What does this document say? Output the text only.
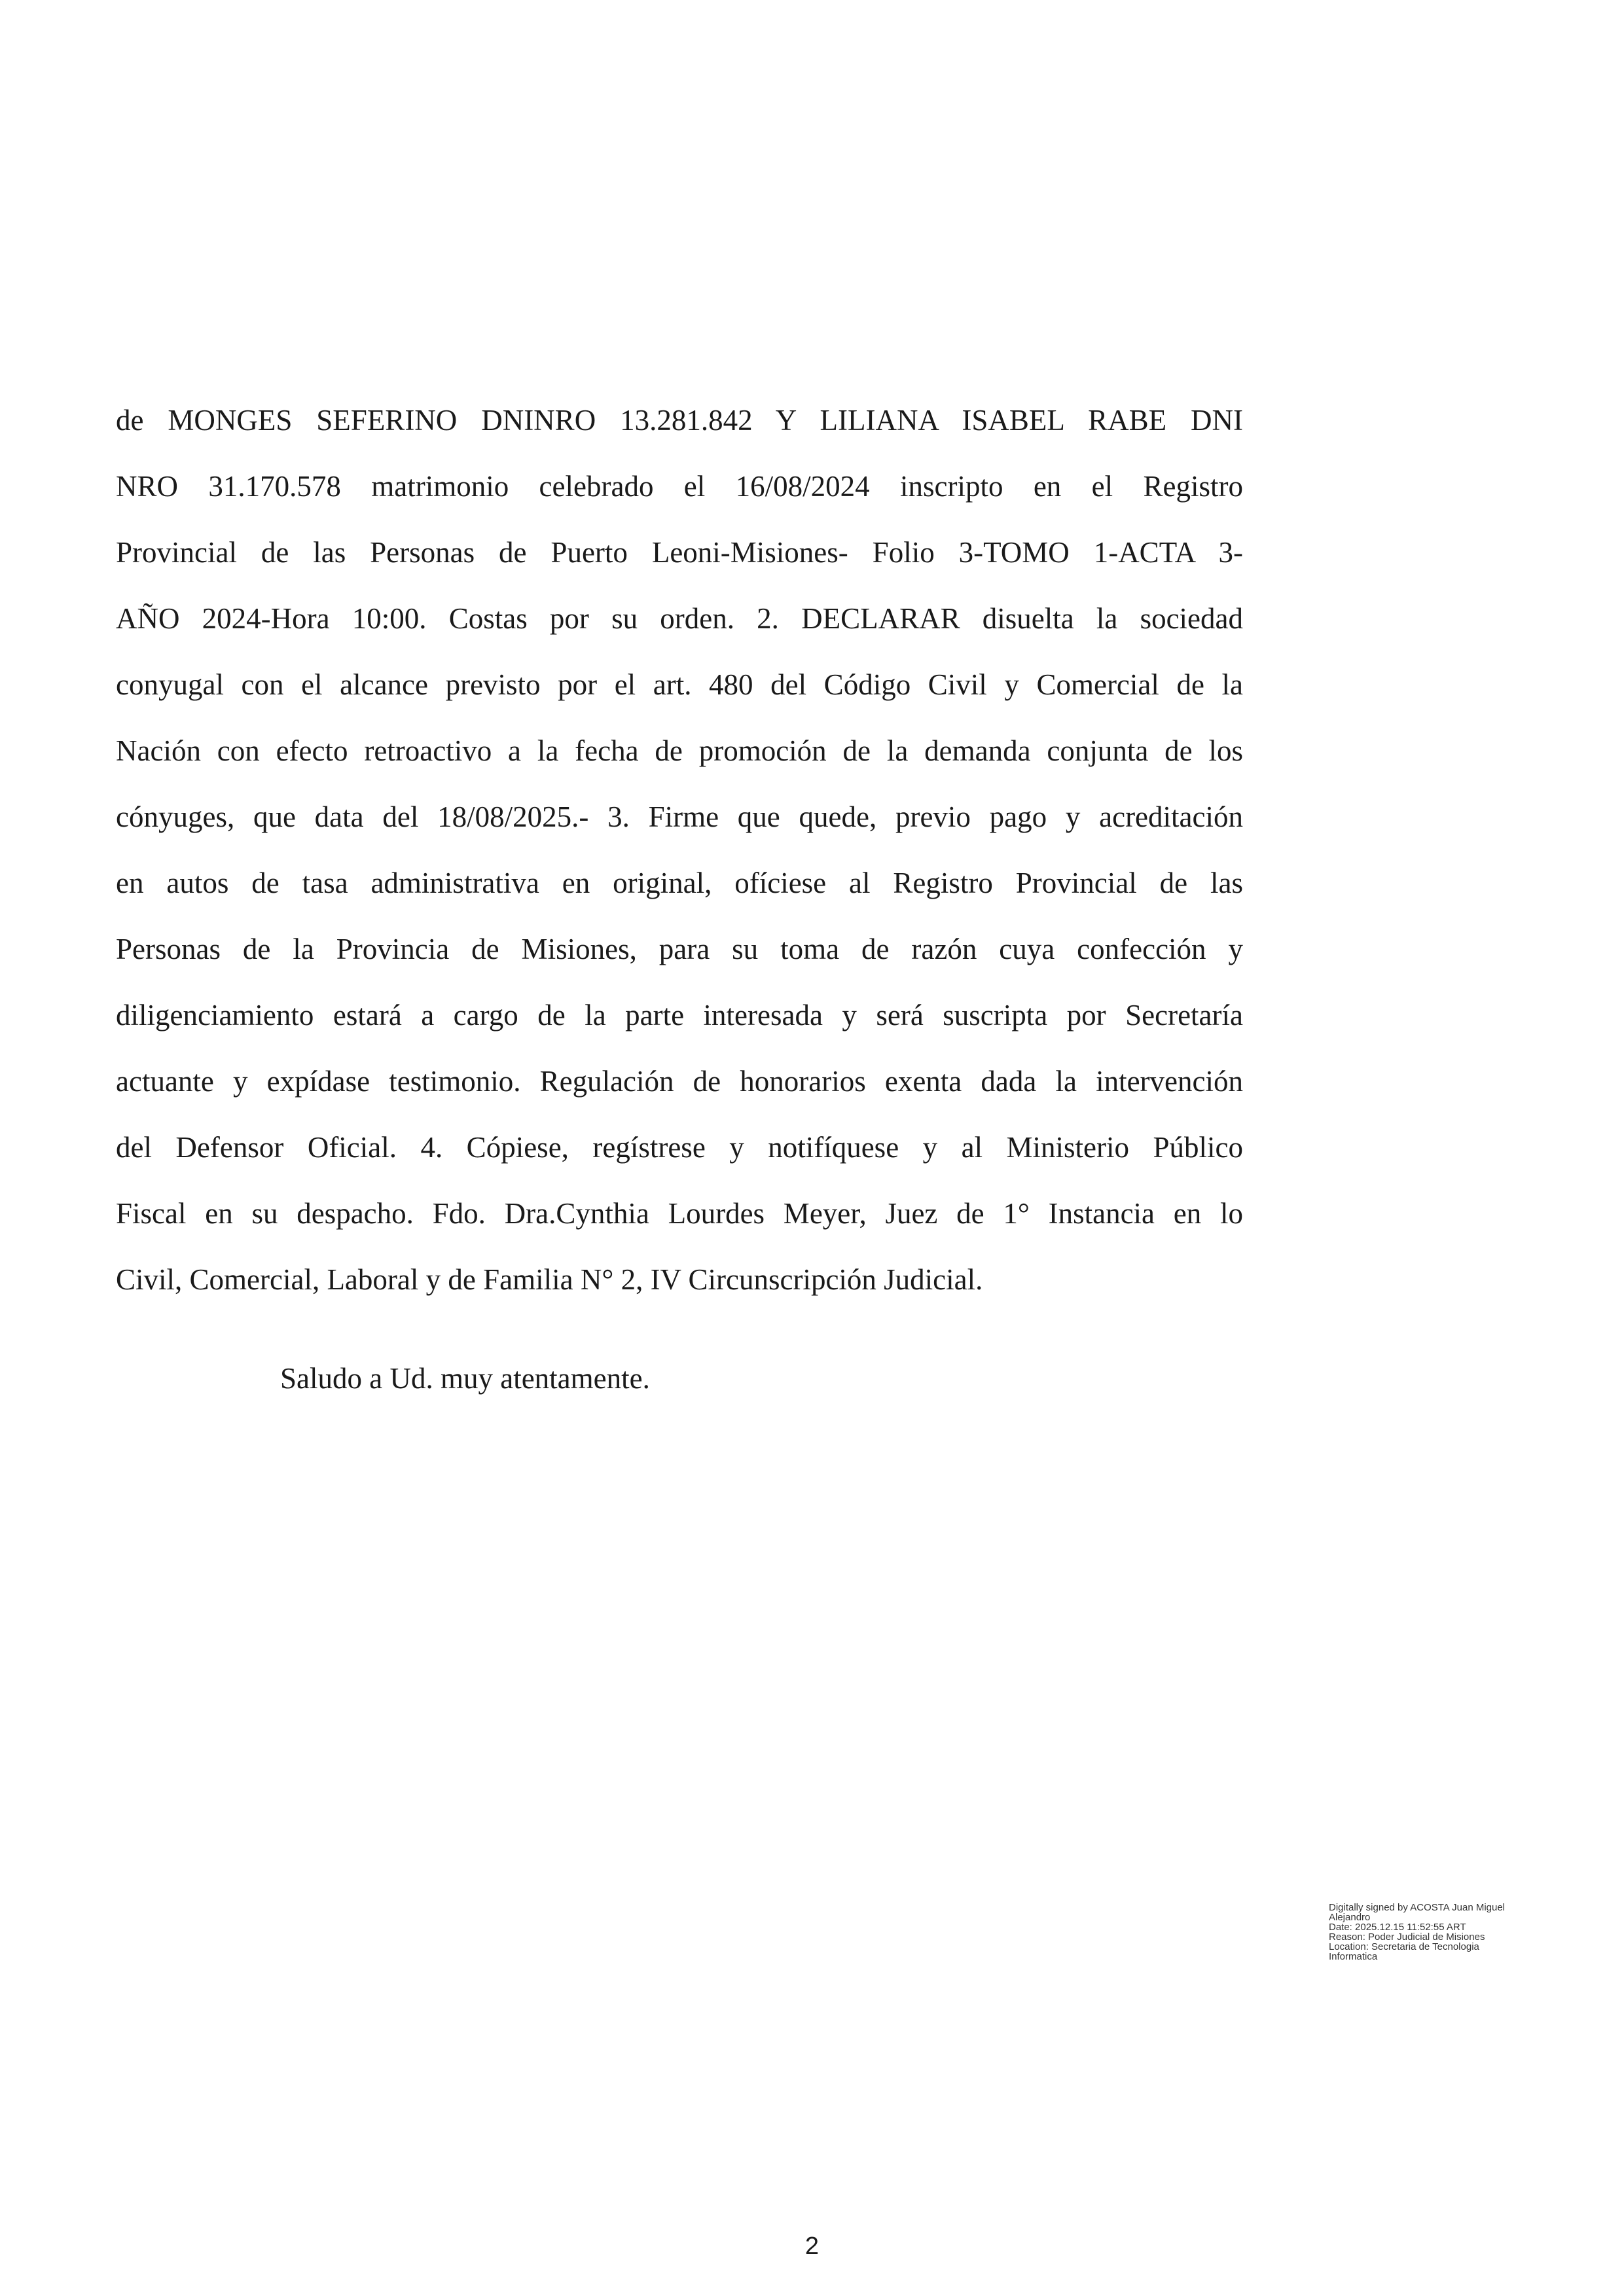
de MONGES SEFERINO DNINRO 13.281.842 Y LILIANA ISABEL RABE DNI
NRO 31.170.578 matrimonio celebrado el 16/08/2024 inscripto en el Registro
Provincial de las Personas de Puerto Leoni-Misiones- Folio 3-TOMO 1-ACTA 3-
AÑO 2024-Hora 10:00. Costas por su orden. 2. DECLARAR disuelta la sociedad
conyugal con el alcance previsto por el art. 480 del Código Civil y Comercial de la
Nación con efecto retroactivo a la fecha de promoción de la demanda conjunta de los
cónyuges, que data del 18/08/2025.- 3. Firme que quede, previo pago y acreditación
en autos de tasa administrativa en original, ofíciese al Registro Provincial de las
Personas de la Provincia de Misiones, para su toma de razón cuya confección y
diligenciamiento estará a cargo de la parte interesada y será suscripta por Secretaría
actuante y expídase testimonio. Regulación de honorarios exenta dada la intervención
del Defensor Oficial. 4. Cópiese, regístrese y notifíquese y al Ministerio Público
Fiscal en su despacho. Fdo. Dra.Cynthia Lourdes Meyer, Juez de 1° Instancia en lo
Civil, Comercial, Laboral y de Familia N° 2, IV Circunscripción Judicial.

Saludo a Ud. muy atentamente.

Digitally signed by ACOSTA Juan Miguel
Alejandro
Date: 2025.12.15 11:52:55 ART
Reason: Poder Judicial de Misiones
Location: Secretaria de Tecnologia
Informatica
2
